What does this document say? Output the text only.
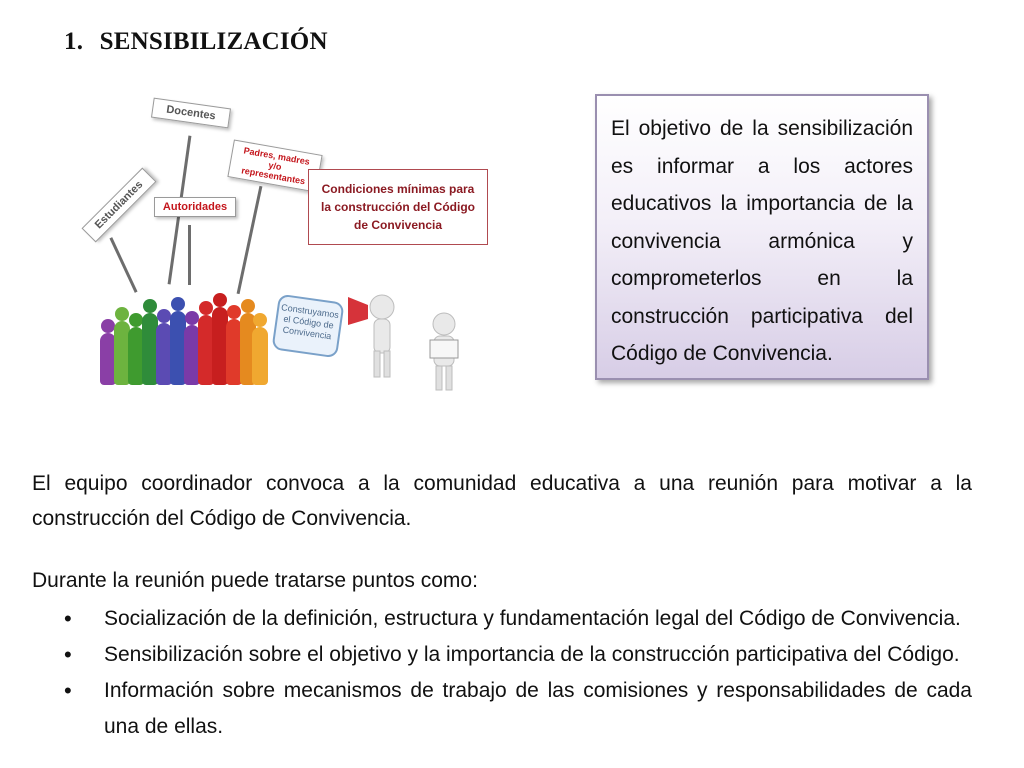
1. SENSIBILIZACIÓN
Estudiantes
Docentes
Autoridades
Padres, madres y/o representantes
Condiciones mínimas para la construcción del Código de Convivencia
Construyamos el Código de Convivencia
El objetivo de la sensibilización es informar a los actores educativos la importancia de la convivencia armónica y comprometerlos en la construcción participativa del Código de Convivencia.
El equipo coordinador convoca a la comunidad educativa a una reunión para motivar a la construcción del Código de Convivencia.
Durante la reunión puede tratarse puntos como:
• Socialización de la definición, estructura y fundamentación legal del Código de Convivencia.
• Sensibilización sobre el objetivo y la importancia de la construcción participativa del Código.
• Información sobre mecanismos de trabajo de las comisiones y responsabilidades de cada una de ellas.
